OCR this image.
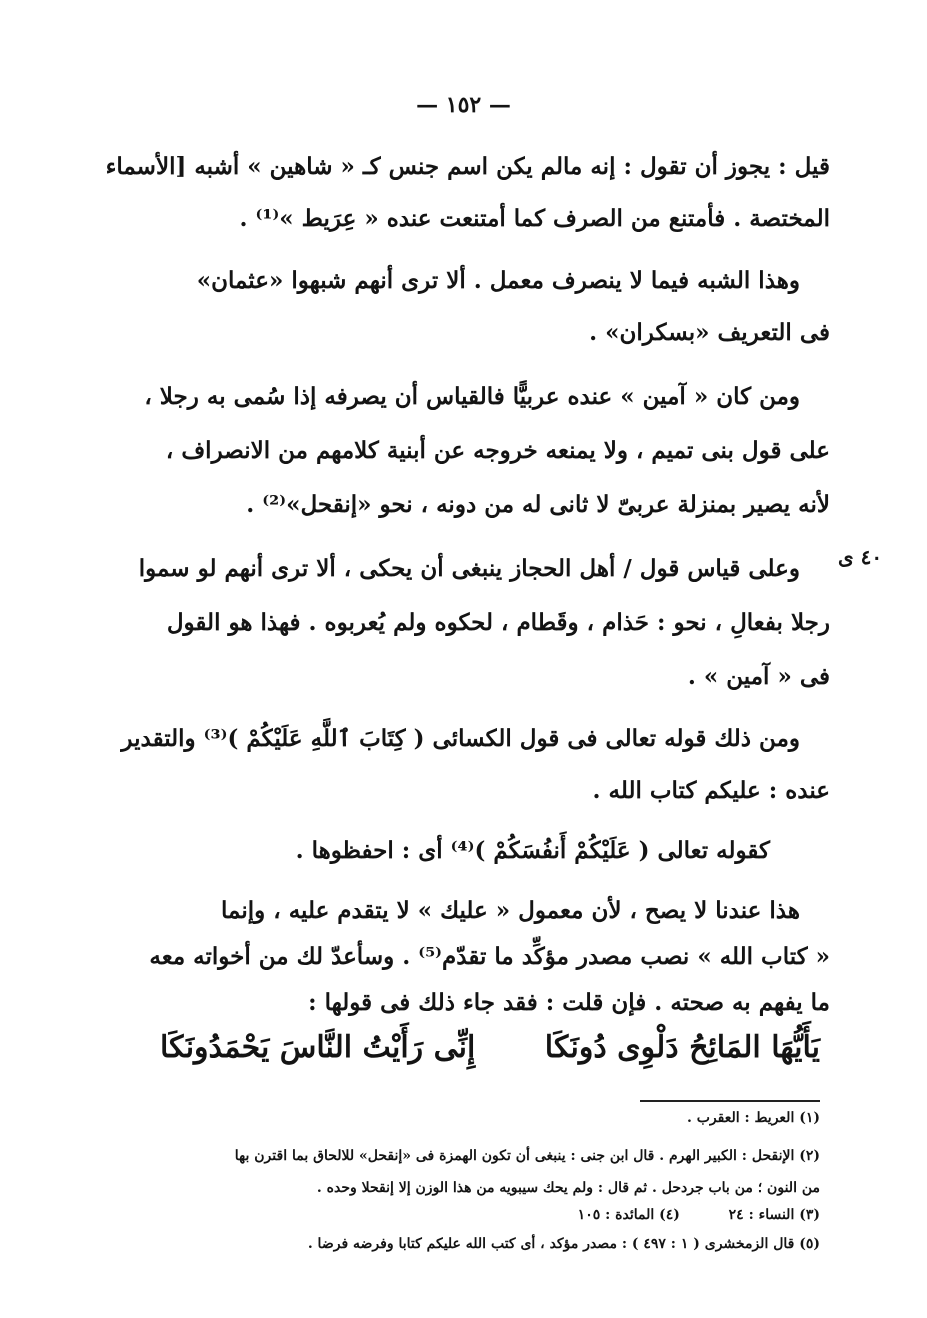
— ١٥٢ —
٤٠ ى
قيل : يجوز أن تقول : إنه مالم يكن اسم جنس كـ « شاهين » أشبه [الأسماء
المختصة . فأمتنع من الصرف كما أمتنعت عنده « عِرَيط »⁽¹⁾ .
وهذا الشبه فيما لا ينصرف معمل . ألا ترى أنهم شبهوا «عثمان»
فى التعريف «بسكران» .
ومن كان « آمين » عنده عربيًّا فالقياس أن يصرفه إذا سُمى به رجلا ،
على قول بنى تميم ، ولا يمنعه خروجه عن أبنية كلامهم من الانصراف ،
لأنه يصير بمنزلة عربىّ لا ثانى له من دونه ، نحو «إنقحل»⁽²⁾ .
وعلى قياس قول / أهل الحجاز ينبغى أن يحكى ، ألا ترى أنهم لو سموا
رجلا بفعالِ ، نحو : حَذام ، وقَطام ، لحكوه ولم يُعربوه . فهذا هو القول
فى « آمين » .
ومن ذلك قوله تعالى فى قول الكسائى ( كِتَابَ ٱللَّهِ عَلَيْكُمْ )⁽³⁾ والتقدير
عنده : عليكم كتاب الله .
كقوله تعالى ( عَلَيْكُمْ أَنفُسَكُمْ )⁽⁴⁾ أى : احفظوها .
هذا عندنا لا يصح ، لأن معمول « عليك » لا يتقدم عليه ، وإنما
« كتاب الله » نصب مصدر مؤكِّد ما تقدّم⁽⁵⁾ . وسأعدّ لك من أخواته معه
ما يفهم به صحته . فإن قلت : فقد جاء ذلك فى قولها :
يَأَيُّهَا المَائِحُ دَلْوِى دُونَكَا
إِنِّى رَأَيْتُ النَّاسَ يَحْمَدُونَكَا
(١) العريط : العقرب .
(٢) الإنقحل : الكبير الهرم . قال ابن جنى : ينبغى أن تكون الهمزة فى «إنقحل» للالحاق بما اقترن بها
من النون ؛ من باب جردحل . ثم قال : ولم يحك سيبويه من هذا الوزن إلا إنقحلا وحده .
(٣) النساء : ٢٤          (٤) المائدة : ١٠٥
(٥) قال الزمخشرى ( ١ : ٤٩٧ ) : مصدر مؤكد ، أى كتب الله عليكم كتابا وفرضه فرضا .
